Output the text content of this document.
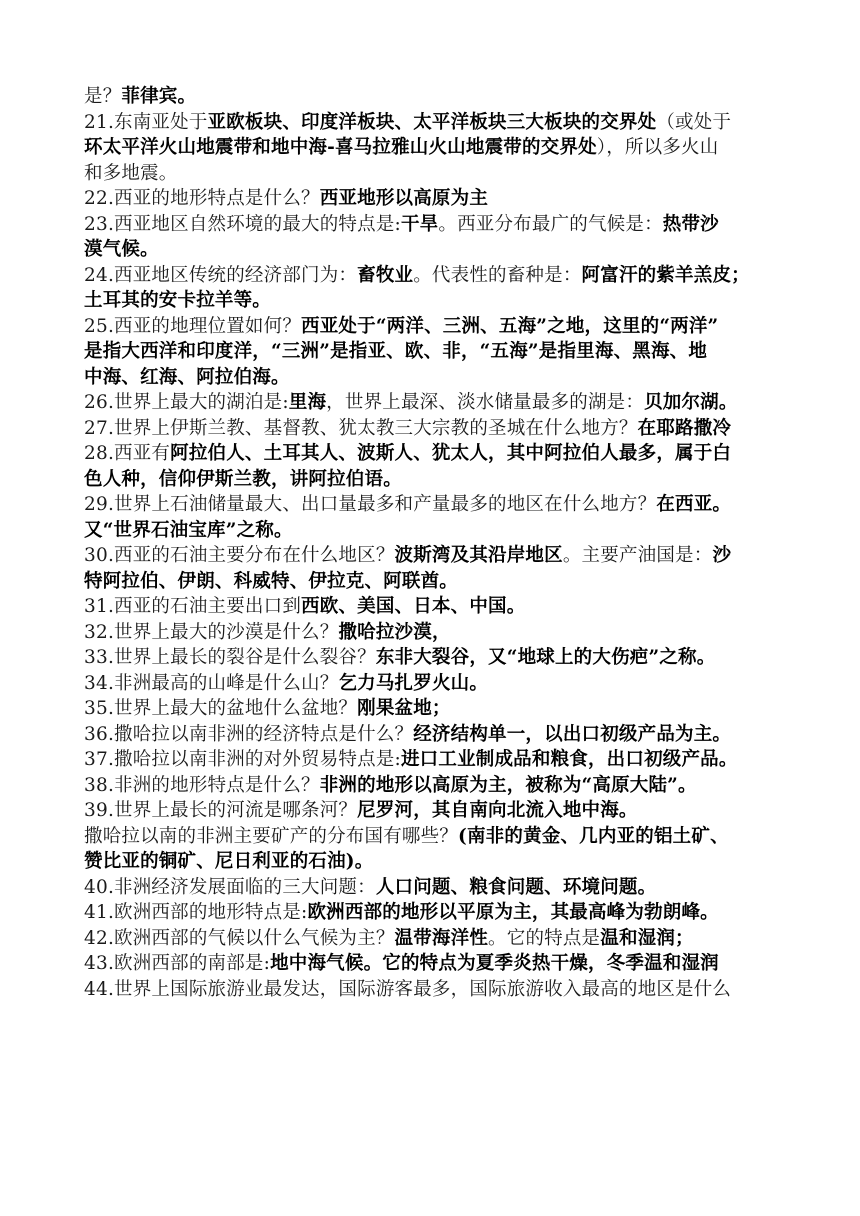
是？菲律宾。
21.东南亚处于亚欧板块、印度洋板块、太平洋板块三大板块的交界处（或处于
环太平洋火山地震带和地中海-喜马拉雅山火山地震带的交界处），所以多火山
和多地震。
22.西亚的地形特点是什么？西亚地形以高原为主
23.西亚地区自然环境的最大的特点是:干旱。西亚分布最广的气候是：热带沙
漠气候。
24.西亚地区传统的经济部门为：畜牧业。代表性的畜种是：阿富汗的紫羊羔皮；
土耳其的安卡拉羊等。
25.西亚的地理位置如何？西亚处于“两洋、三洲、五海”之地，这里的“两洋”
是指大西洋和印度洋，“三洲”是指亚、欧、非，“五海”是指里海、黑海、地
中海、红海、阿拉伯海。
26.世界上最大的湖泊是:里海，世界上最深、淡水储量最多的湖是：贝加尔湖。
27.世界上伊斯兰教、基督教、犹太教三大宗教的圣城在什么地方？在耶路撒冷
28.西亚有阿拉伯人、土耳其人、波斯人、犹太人，其中阿拉伯人最多，属于白
色人种，信仰伊斯兰教，讲阿拉伯语。
29.世界上石油储量最大、出口量最多和产量最多的地区在什么地方？在西亚。
又“世界石油宝库”之称。
30.西亚的石油主要分布在什么地区？波斯湾及其沿岸地区。主要产油国是：沙
特阿拉伯、伊朗、科威特、伊拉克、阿联酋。
31.西亚的石油主要出口到西欧、美国、日本、中国。
32.世界上最大的沙漠是什么？撒哈拉沙漠，
33.世界上最长的裂谷是什么裂谷？东非大裂谷，又“地球上的大伤疤”之称。
34.非洲最高的山峰是什么山？乞力马扎罗火山。
35.世界上最大的盆地什么盆地？刚果盆地；
36.撒哈拉以南非洲的经济特点是什么？经济结构单一，以出口初级产品为主。
37.撒哈拉以南非洲的对外贸易特点是:进口工业制成品和粮食，出口初级产品。
38.非洲的地形特点是什么？非洲的地形以高原为主，被称为“高原大陆”。
39.世界上最长的河流是哪条河？尼罗河，其自南向北流入地中海。
撒哈拉以南的非洲主要矿产的分布国有哪些？(南非的黄金、几内亚的铝土矿、
赞比亚的铜矿、尼日利亚的石油)。
40.非洲经济发展面临的三大问题：人口问题、粮食问题、环境问题。
41.欧洲西部的地形特点是:欧洲西部的地形以平原为主，其最高峰为勃朗峰。
42.欧洲西部的气候以什么气候为主？温带海洋性。它的特点是温和湿润；
43.欧洲西部的南部是:地中海气候。它的特点为夏季炎热干燥，冬季温和湿润
44.世界上国际旅游业最发达，国际游客最多，国际旅游收入最高的地区是什么
